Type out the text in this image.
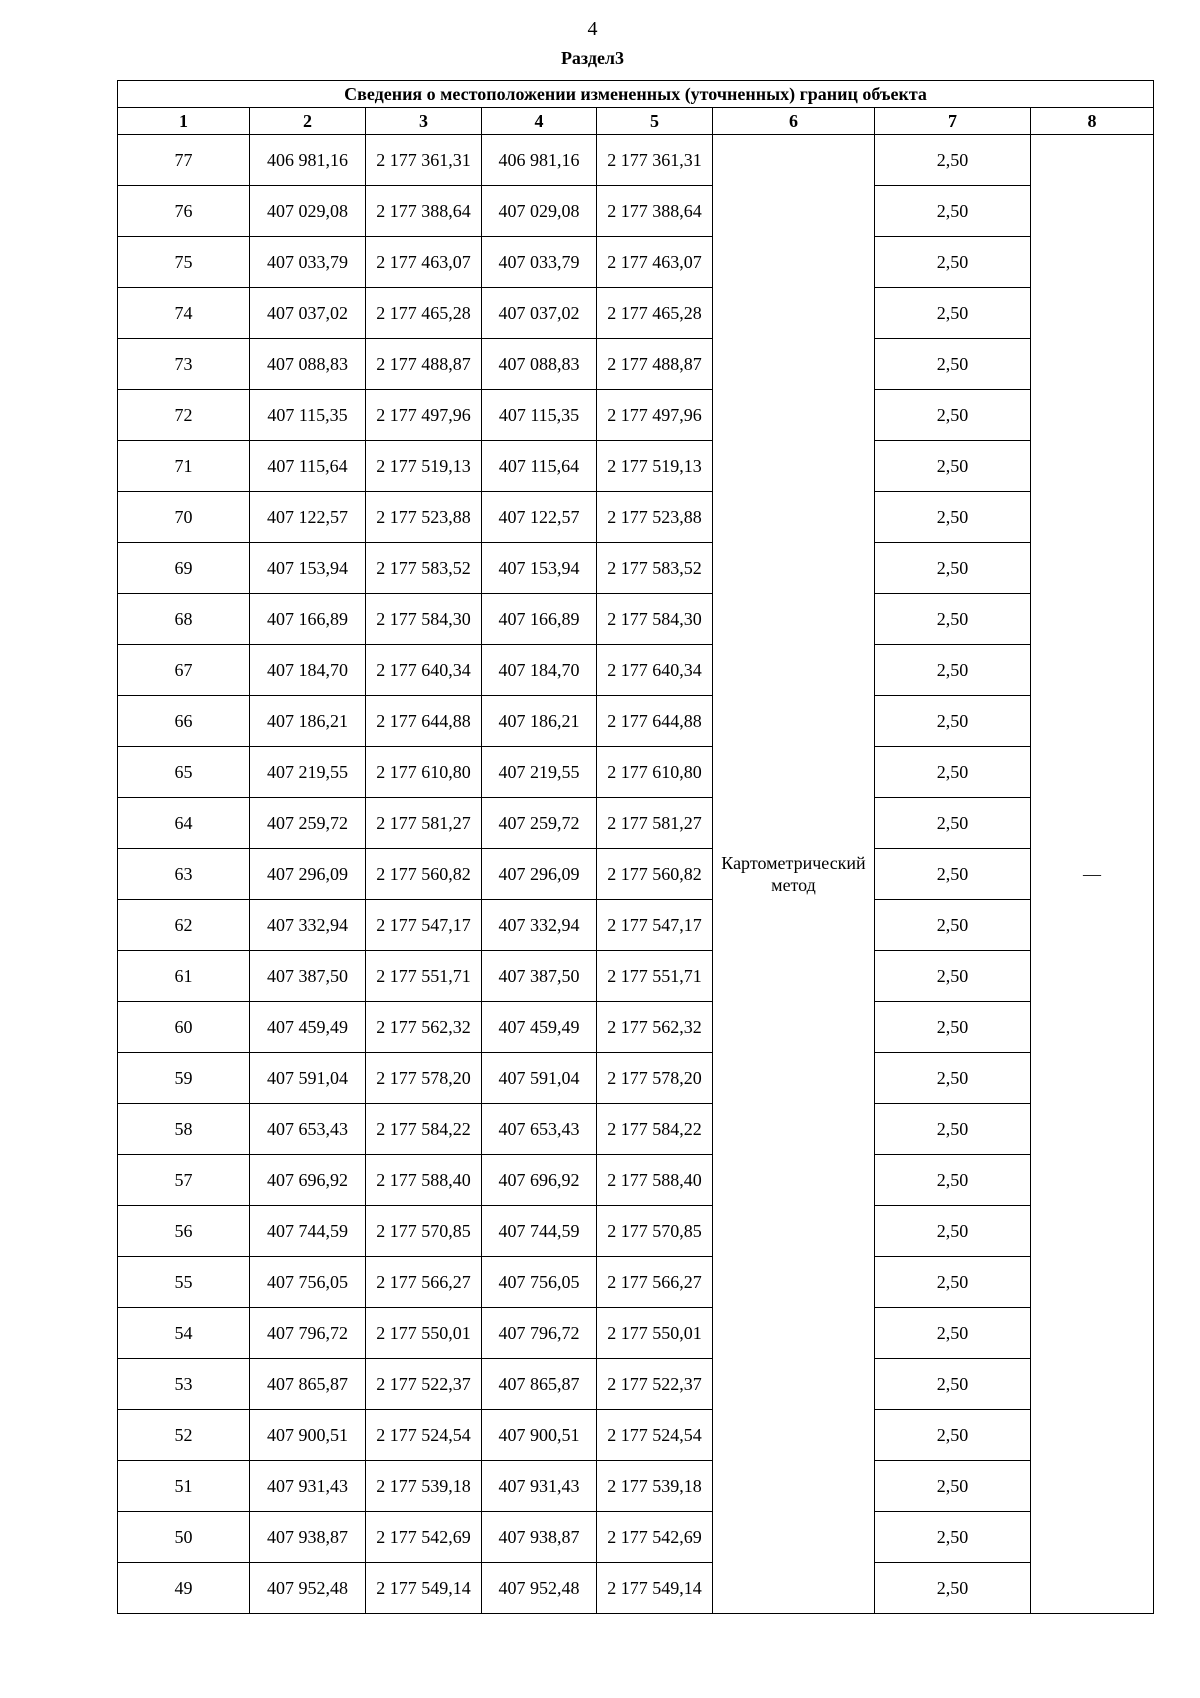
4
Раздел3
Сведения о местоположении измененных (уточненных) границ объекта							
1	2	3	4	5	6	7	8
77	406 981,16	2 177 361,31	406 981,16	2 177 361,31	Картометрический метод	2,50	—
76	407 029,08	2 177 388,64	407 029,08	2 177 388,64		2,50	
75	407 033,79	2 177 463,07	407 033,79	2 177 463,07		2,50	
74	407 037,02	2 177 465,28	407 037,02	2 177 465,28		2,50	
73	407 088,83	2 177 488,87	407 088,83	2 177 488,87		2,50	
72	407 115,35	2 177 497,96	407 115,35	2 177 497,96		2,50	
71	407 115,64	2 177 519,13	407 115,64	2 177 519,13		2,50	
70	407 122,57	2 177 523,88	407 122,57	2 177 523,88		2,50	
69	407 153,94	2 177 583,52	407 153,94	2 177 583,52		2,50	
68	407 166,89	2 177 584,30	407 166,89	2 177 584,30		2,50	
67	407 184,70	2 177 640,34	407 184,70	2 177 640,34		2,50	
66	407 186,21	2 177 644,88	407 186,21	2 177 644,88		2,50	
65	407 219,55	2 177 610,80	407 219,55	2 177 610,80		2,50	
64	407 259,72	2 177 581,27	407 259,72	2 177 581,27		2,50	
63	407 296,09	2 177 560,82	407 296,09	2 177 560,82		2,50	
62	407 332,94	2 177 547,17	407 332,94	2 177 547,17		2,50	
61	407 387,50	2 177 551,71	407 387,50	2 177 551,71		2,50	
60	407 459,49	2 177 562,32	407 459,49	2 177 562,32		2,50	
59	407 591,04	2 177 578,20	407 591,04	2 177 578,20		2,50	
58	407 653,43	2 177 584,22	407 653,43	2 177 584,22		2,50	
57	407 696,92	2 177 588,40	407 696,92	2 177 588,40		2,50	
56	407 744,59	2 177 570,85	407 744,59	2 177 570,85		2,50	
55	407 756,05	2 177 566,27	407 756,05	2 177 566,27		2,50	
54	407 796,72	2 177 550,01	407 796,72	2 177 550,01		2,50	
53	407 865,87	2 177 522,37	407 865,87	2 177 522,37		2,50	
52	407 900,51	2 177 524,54	407 900,51	2 177 524,54		2,50	
51	407 931,43	2 177 539,18	407 931,43	2 177 539,18		2,50	
50	407 938,87	2 177 542,69	407 938,87	2 177 542,69		2,50	
49	407 952,48	2 177 549,14	407 952,48	2 177 549,14		2,50	
